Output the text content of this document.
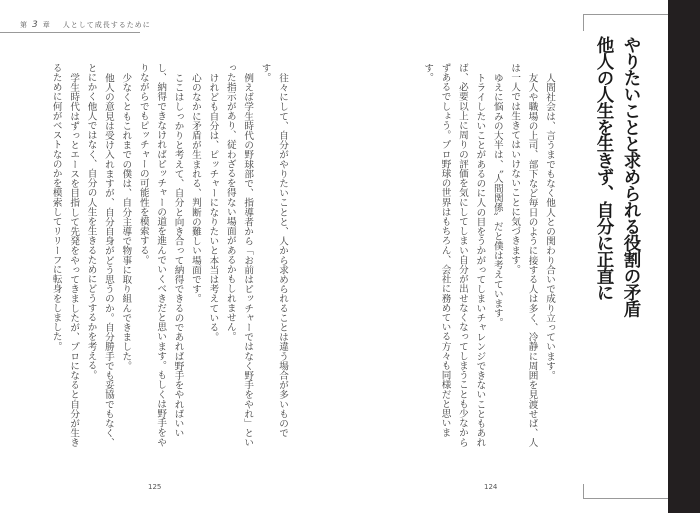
第 3 章 人として成長するために

往々にして、自分がやりたいことと、人から求められることは違う場合が多いものです。

例えば学生時代の野球部で、指導者から「お前はピッチャーではなく野手をやれ」といった指示があり、従わざるを得ない場面があるかもしれません。

けれども自分は、ピッチャーになりたいと本当は考えている。

心のなかに矛盾が生まれる、判断の難しい場面です。

ここはしっかりと考えて、自分と向き合って納得できるのであれば野手をやればいいし、納得できなければピッチャーの道を進んでいくべきだと思います。もしくは野手をやりながらでもピッチャーの可能性を模索する。

少なくともこれまでの僕は、自分主導で物事に取り組んできました。

他人の意見は受け入れますが、自分自身がどう思うのか。自分勝手でも妥協でもなく、とにかく他人ではなく、自分の人生を生きるためにどうするかを考える。

学生時代はずっとエースを目指して先発をやってきましたが、プロになると自分が生きるために何がベストなのかを模索してリリーフに転身をしました。	人間社会は、言うまでもなく他人との関わり合いで成り立っています。

友人や職場の上司、部下など毎日のように接する人は多く、冷静に周囲を見渡せば、人は一人では生きてはいけないことに気づきます。

ゆえに悩みの大半は、〝人間関係〟だと僕は考えています。

トライしたいことがあるのに人の目をうかがってしまいチャレンジできないこともあれば、必要以上に周りの評価を気にしてしまい自分が出せなくなってしまうことも少なからずあるでしょう。プロ野球の世界はもちろん、会社に務めている方々も同様だと思います。

125	124
やりたいことと求められる役割の矛盾
他人の人生を生きず、自分に正直に
